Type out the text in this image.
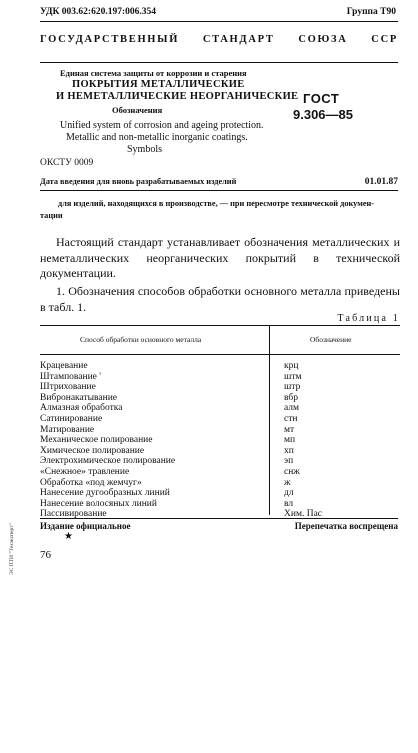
УДК 003.62:620.197:006.354	Группа Т90
ГОСУДАРСТВЕННЫЙ СТАНДАРТ СОЮЗА ССР
Единая система защиты от коррозии и старения
ПОКРЫТИЯ МЕТАЛЛИЧЕСКИЕ
И НЕМЕТАЛЛИЧЕСКИЕ НЕОРГАНИЧЕСКИЕ
Обозначения
ГОСТ
9.306—85
Unified system of corrosion and ageing protection.
Metallic and non-metallic inorganic coatings.
Symbols
ОКСТУ 0009
Дата введения для вновь разрабатываемых изделий	01.01.87
для изделий, находящихся в производстве, — при пересмотре технической докумен-
тации
Настоящий стандарт устанавливает обозначения металлических и неметаллических неорганических покрытий в технической документации.
1. Обозначения способов обработки основного металла приведены в табл. 1.
Таблица 1
Способ обработки основного металла	Обозначение
Крацевание	крц
Штампование '	штм
Штрихование	штр
Вибронакатывание	вбр
Алмазная обработка	алм
Сатинирование	стн
Матирование	мт
Механическое полирование	мп
Химическое полирование	хп
Электрохимическое полирование	эп
«Снежное» травление	снж
Обработка «под жемчуг»	ж
Нанесение дугообразных линий	дл
Нанесение волосяных линий	вл
Пассивирование	Хим. Пас
Издание официальное	Перепечатка воспрещена
★
76
ЭС ПТИ "Техэксперт"
